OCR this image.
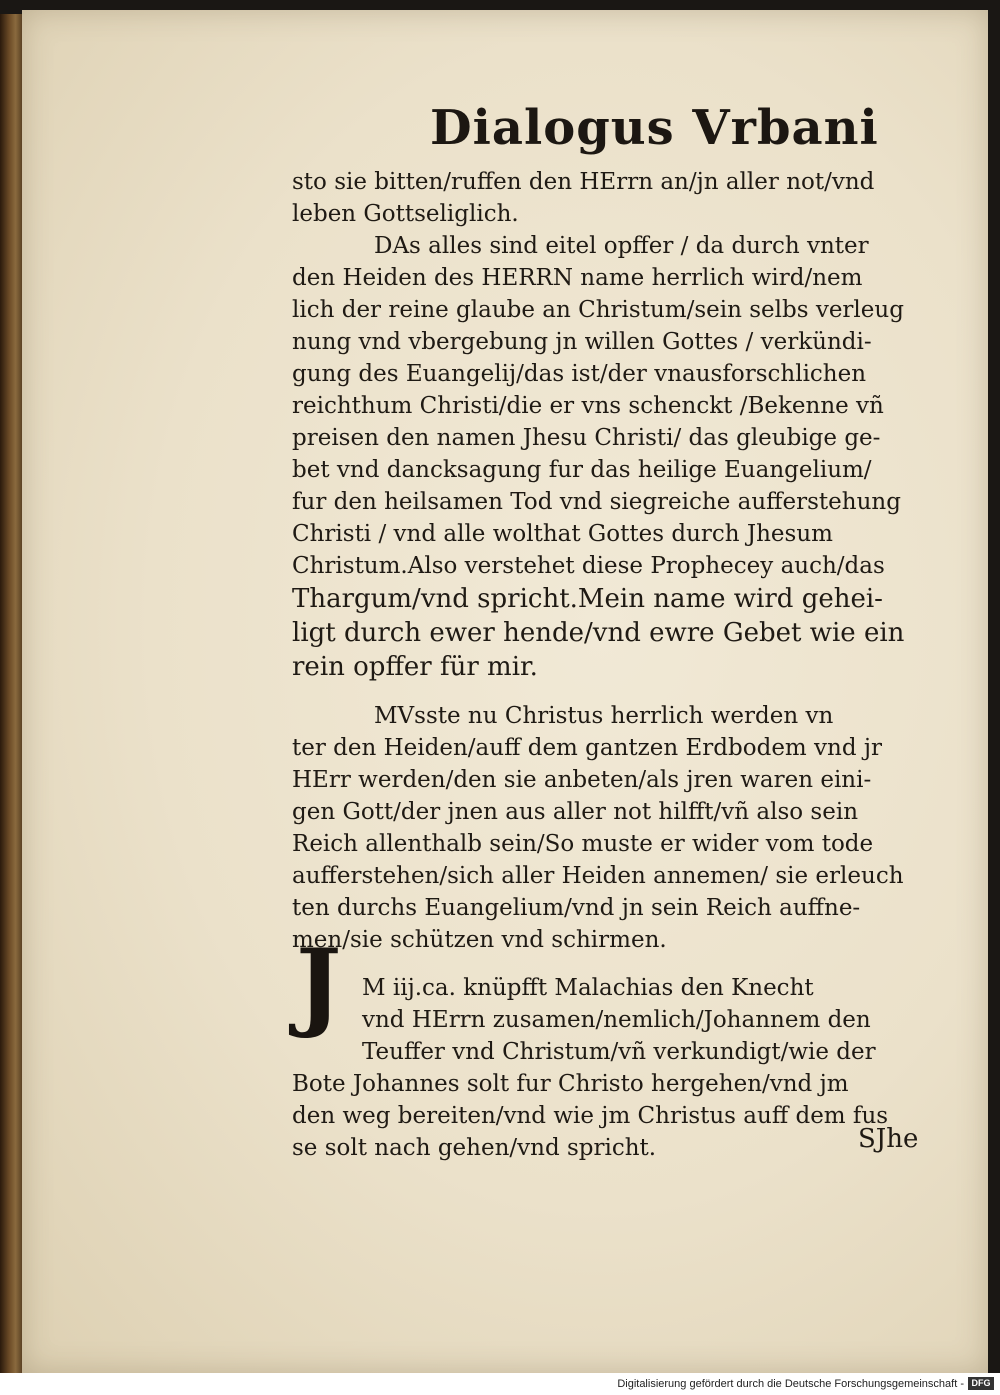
Dialogus Vrbani
sto sie bitten/ruffen den HErrn an/jn aller not/vnd
leben Gottseliglich.
DAs alles sind eitel opffer / da durch vnter
den Heiden des HERRN name herrlich wird/nem
lich der reine glaube an Christum/sein selbs verleug
nung vnd vbergebung jn willen Gottes / verkündi-
gung des Euangelij/das ist/der vnausforschlichen
reichthum Christi/die er vns schenckt /Bekenne vñ
preisen den namen Jhesu Christi/ das gleubige ge-
bet vnd dancksagung fur das heilige Euangelium/
fur den heilsamen Tod vnd siegreiche aufferstehung
Christi / vnd alle wolthat Gottes durch Jhesum
Christum.Also verstehet diese Prophecey auch/das
Thargum/vnd spricht.Mein name wird gehei-
ligt durch ewer hende/vnd ewre Gebet wie ein
rein opffer für mir.
MVsste nu Christus herrlich werden vn
ter den Heiden/auff dem gantzen Erdbodem vnd jr
HErr werden/den sie anbeten/als jren waren eini-
gen Gott/der jnen aus aller not hilfft/vñ also sein
Reich allenthalb sein/So muste er wider vom tode
aufferstehen/sich aller Heiden annemen/ sie erleuch
ten durchs Euangelium/vnd jn sein Reich auffne-
men/sie schützen vnd schirmen.
M iij.ca. knüpfft Malachias den Knecht
vnd HErrn zusamen/nemlich/Johannem den
Teuffer vnd Christum/vñ verkundigt/wie der
Bote Johannes solt fur Christo hergehen/vnd jm
den weg bereiten/vnd wie jm Christus auff dem fus
se solt nach gehen/vnd spricht.
J
SJhe
Digitalisierung gefördert durch die Deutsche Forschungsgemeinschaft - DFG
